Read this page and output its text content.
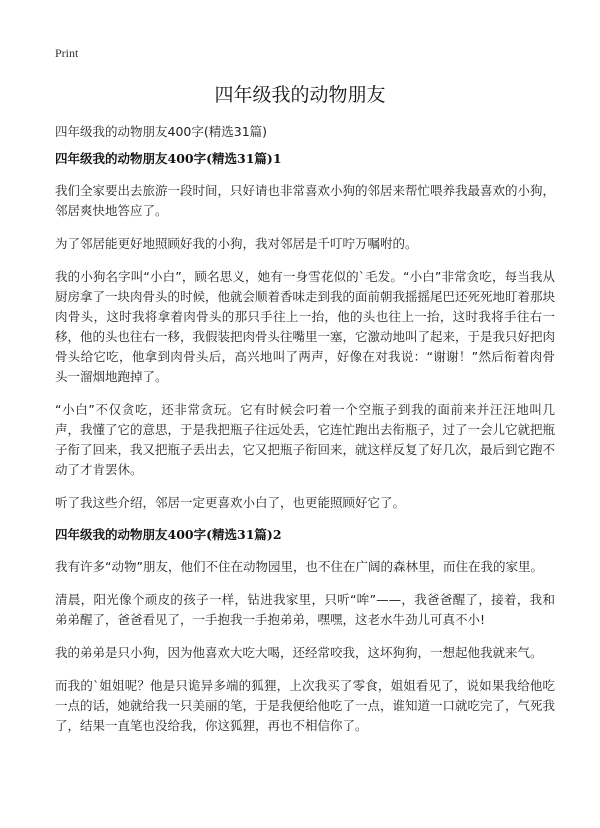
Print
四年级我的动物朋友
四年级我的动物朋友400字(精选31篇)
四年级我的动物朋友400字(精选31篇)1

我们全家要出去旅游一段时间，只好请也非常喜欢小狗的邻居来帮忙喂养我最喜欢的小狗，邻居爽快地答应了。

为了邻居能更好地照顾好我的小狗，我对邻居是千叮咛万嘱咐的。

我的小狗名字叫“小白”，顾名思义，她有一身雪花似的`毛发。“小白”非常贪吃，每当我从厨房拿了一块肉骨头的时候，他就会顺着香味走到我的面前朝我摇摇尾巴还死死地盯着那块肉骨头，这时我将拿着肉骨头的那只手往上一抬，他的头也往上一抬，这时我将手往右一移，他的头也往右一移，我假装把肉骨头往嘴里一塞，它激动地叫了起来，于是我只好把肉骨头给它吃，他拿到肉骨头后，高兴地叫了两声，好像在对我说：“谢谢！”然后衔着肉骨头一溜烟地跑掉了。

“小白”不仅贪吃，还非常贪玩。它有时候会叼着一个空瓶子到我的面前来并汪汪地叫几声，我懂了它的意思，于是我把瓶子往远处丢，它连忙跑出去衔瓶子，过了一会儿它就把瓶子衔了回来，我又把瓶子丢出去，它又把瓶子衔回来，就这样反复了好几次，最后到它跑不动了才肯罢休。

听了我这些介绍，邻居一定更喜欢小白了，也更能照顾好它了。

四年级我的动物朋友400字(精选31篇)2

我有许多“动物”朋友，他们不住在动物园里，也不住在广阔的森林里，而住在我的家里。

清晨，阳光像个顽皮的孩子一样，钻进我家里，只听“哞”——，我爸爸醒了，接着，我和弟弟醒了，爸爸看见了，一手抱我一手抱弟弟，嘿嘿，这老水牛劲儿可真不小!

我的弟弟是只小狗，因为他喜欢大吃大喝，还经常咬我，这坏狗狗，一想起他我就来气。

而我的`姐姐呢？他是只诡异多端的狐狸，上次我买了零食，姐姐看见了，说如果我给他吃一点的话，她就给我一只美丽的笔，于是我便给他吃了一点，谁知道一口就吃完了，气死我了，结果一直笔也没给我，你这狐狸，再也不相信你了。
